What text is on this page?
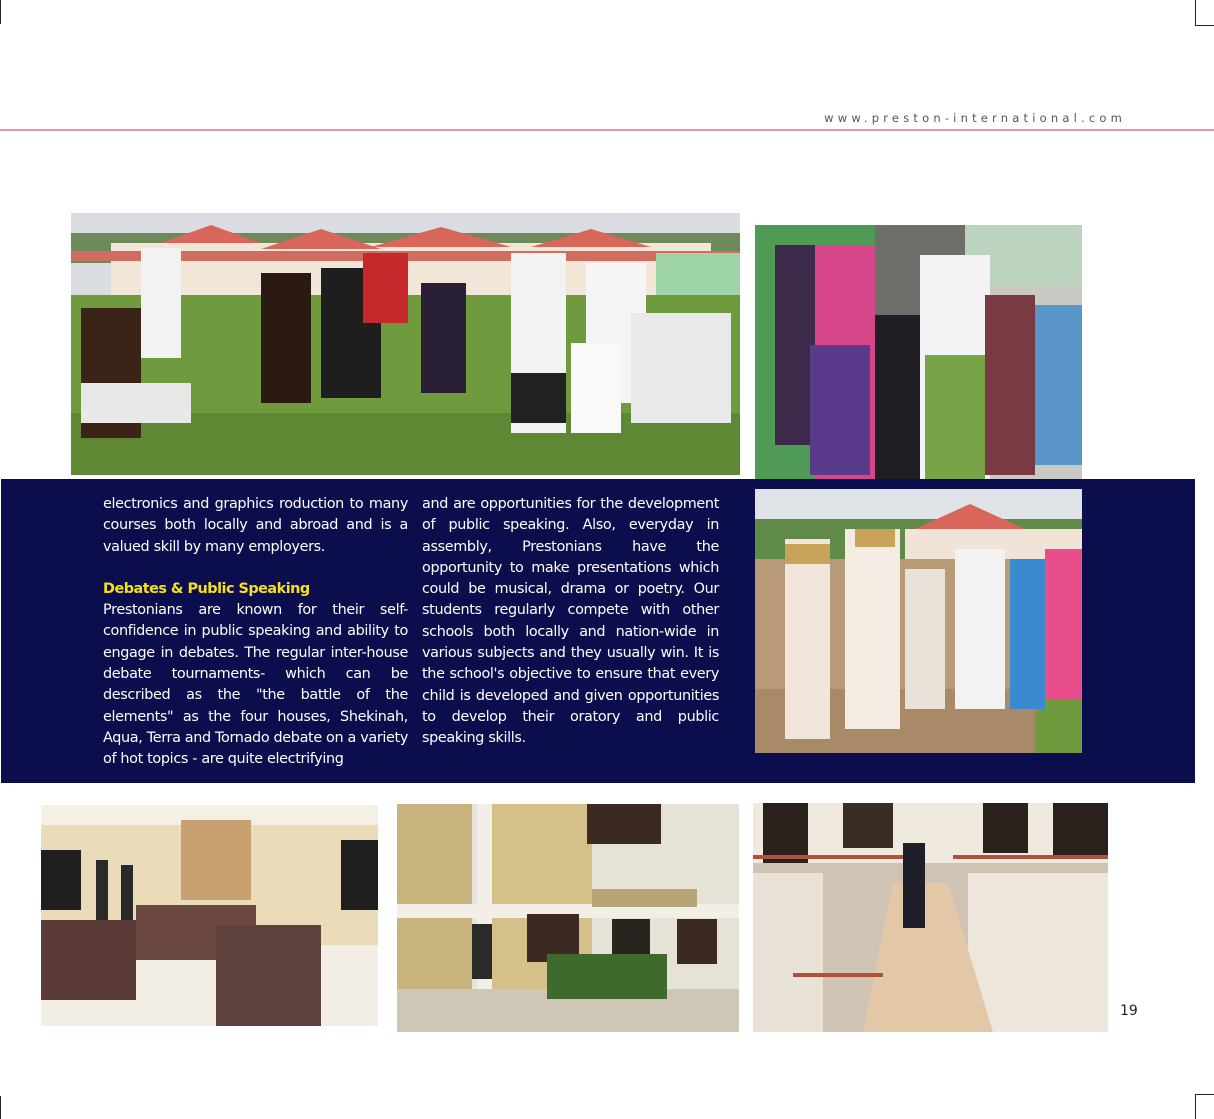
www.preston-international.com

electronics and graphics roduction to many courses both locally and abroad and is a valued skill by many employers.

Debates & Public Speaking

Prestonians are known for their self-confidence in public speaking and ability to engage in debates. The regular inter-house debate tournaments- which can be described as the "the battle of the elements" as the four houses, Shekinah, Aqua, Terra and Tornado debate on a variety of hot topics - are quite electrifying

and are opportunities for the development of public speaking. Also, everyday in assembly, Prestonians have the opportunity to make presentations which could be musical, drama or poetry. Our students regularly compete with other schools both locally and nation-wide in various subjects and they usually win. It is the school's objective to ensure that every child is developed and given opportunities to develop their oratory and public speaking skills.

19
